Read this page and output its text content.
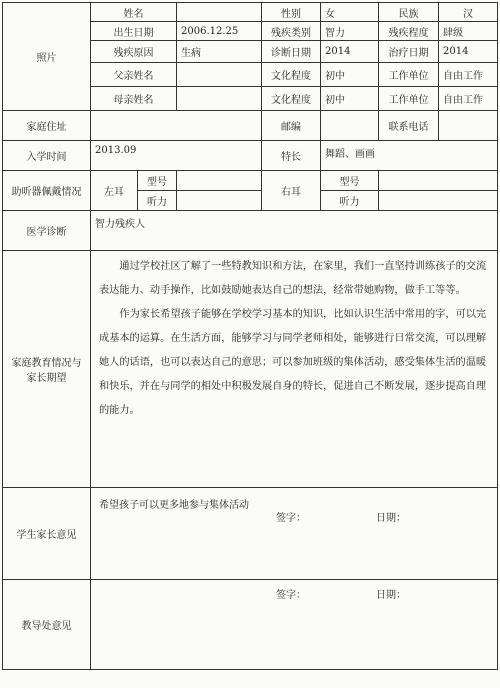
照片	姓名			性别	女	民族	汉
	出生日期		2006.12.25	残疾类别	智力	残疾程度	肆级
	残疾原因		生病	诊断日期	2014	治疗日期	2014
	父亲姓名			文化程度	初中	工作单位	自由工作
	母亲姓名			文化程度	初中	工作单位	自由工作
家庭住址				邮编		联系电话	
入学时间	2013.09			特长	舞蹈、画画		
助听器佩戴情况	左耳	型号		右耳	型号		
		听力			听力		
医学诊断	智力残疾人						
家庭教育情况与家长期望	通过学校社区了解了一些特教知识和方法，在家里，我们一直坚持训练孩子的交流表达能力、动手操作，比如鼓励她表达自己的想法，经常带她购物，做手工等等。

作为家长希望孩子能够在学校学习基本的知识，比如认识生活中常用的字，可以完成基本的运算。在生活方面，能够学习与同学老师相处，能够进行日常交流，可以理解她人的话语，也可以表达自己的意思；可以参加班级的集体活动，感受集体生活的温暖和快乐，并在与同学的相处中积极发展自身的特长，促进自己不断发展，逐步提高自理的能力。						

学生家长意见	希望孩子可以更多地参与集体活动
签字： 日期：						

教导处意见	签字： 日期：						
